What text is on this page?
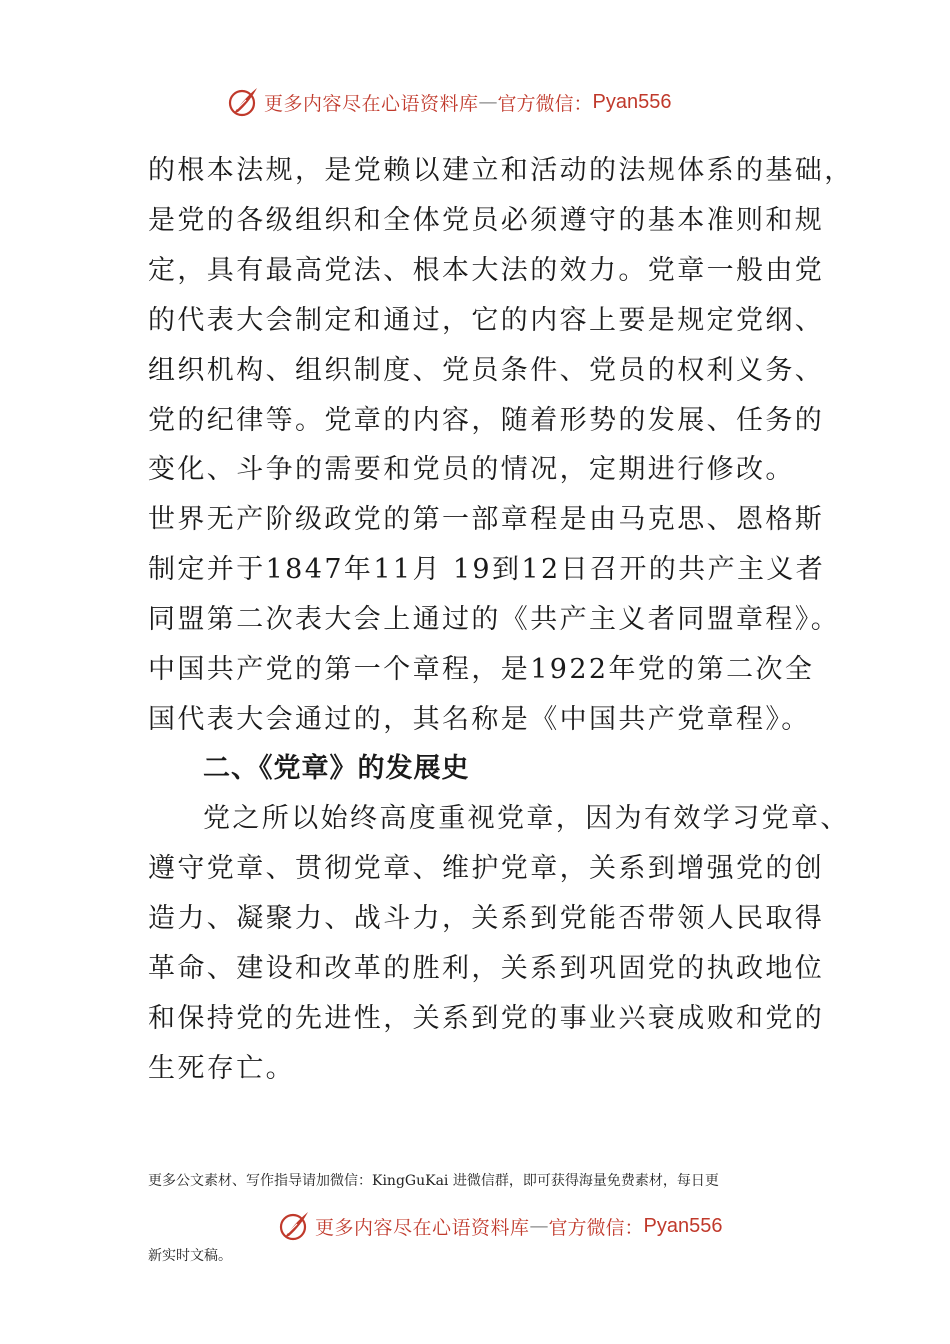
更多内容尽在心语资料库 — 官方微信： Pyan556
的根本法规，是党赖以建立和活动的法规体系的基础，
是党的各级组织和全体党员必须遵守的基本准则和规
定，具有最高党法、根本大法的效力。党章一般由党
的代表大会制定和通过，它的内容上要是规定党纲、
组织机构、组织制度、党员条件、党员的权利义务、
党的纪律等。党章的内容，随着形势的发展、任务的
变化、斗争的需要和党员的情况，定期进行修改。
世界无产阶级政党的第一部章程是由马克思、恩格斯
制定并于1847年11月 19到12日召开的共产主义者
同盟第二次表大会上通过的《共产主义者同盟章程》。
中国共产党的第一个章程，是1922年党的第二次全
国代表大会通过的，其名称是《中国共产党章程》。
二、《党章》的发展史
党之所以始终高度重视党章，因为有效学习党章、
遵守党章、贯彻党章、维护党章，关系到增强党的创
造力、凝聚力、战斗力，关系到党能否带领人民取得
革命、建设和改革的胜利，关系到巩固党的执政地位
和保持党的先进性，关系到党的事业兴衰成败和党的
生死存亡。
更多公文素材、写作指导请加微信：KingGuKai 进微信群，即可获得海量免费素材，每日更
更多内容尽在心语资料库 — 官方微信： Pyan556
新实时文稿。
